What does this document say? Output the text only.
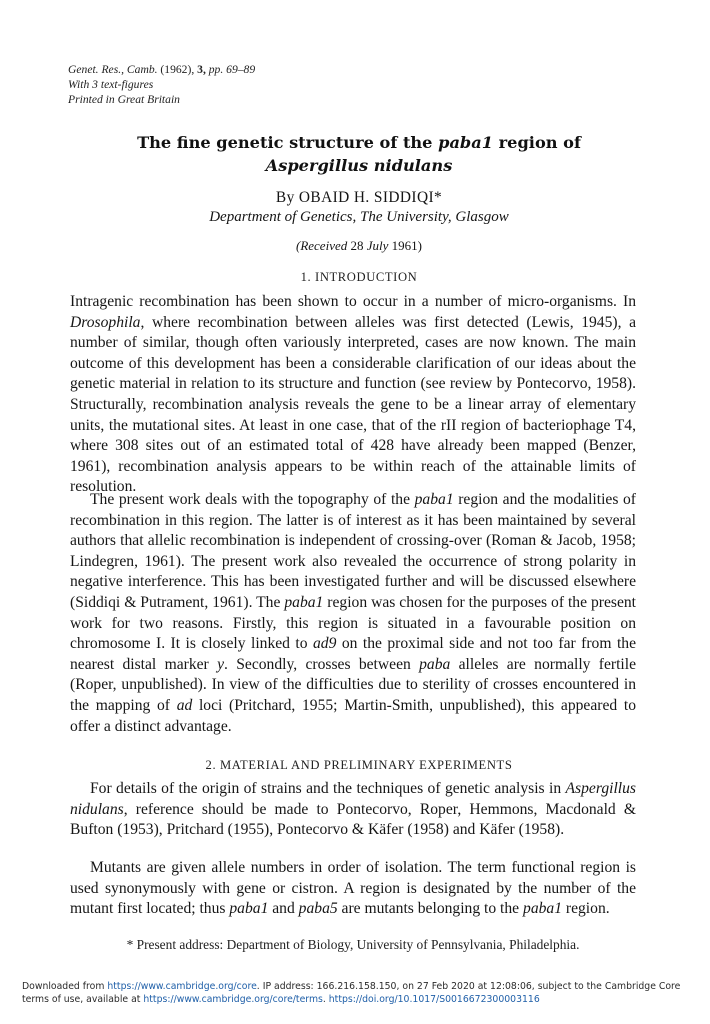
Genet. Res., Camb. (1962), 3, pp. 69–89
With 3 text-figures
Printed in Great Britain
The fine genetic structure of the paba1 region of
Aspergillus nidulans
By OBAID H. SIDDIQI*
Department of Genetics, The University, Glasgow
(Received 28 July 1961)
1. INTRODUCTION

Intragenic recombination has been shown to occur in a number of micro-organisms. In Drosophila, where recombination between alleles was first detected (Lewis, 1945), a number of similar, though often variously interpreted, cases are now known. The main outcome of this development has been a considerable clarification of our ideas about the genetic material in relation to its structure and function (see review by Pontecorvo, 1958). Structurally, recombination analysis reveals the gene to be a linear array of elementary units, the mutational sites. At least in one case, that of the rII region of bacteriophage T4, where 308 sites out of an estimated total of 428 have already been mapped (Benzer, 1961), recombination analysis appears to be within reach of the attainable limits of resolution.

The present work deals with the topography of the paba1 region and the modalities of recombination in this region. The latter is of interest as it has been maintained by several authors that allelic recombination is independent of crossing-over (Roman & Jacob, 1958; Lindegren, 1961). The present work also revealed the occurrence of strong polarity in negative interference. This has been investigated further and will be discussed elsewhere (Siddiqi & Putrament, 1961). The paba1 region was chosen for the purposes of the present work for two reasons. Firstly, this region is situated in a favourable position on chromosome I. It is closely linked to ad9 on the proximal side and not too far from the nearest distal marker y. Secondly, crosses between paba alleles are normally fertile (Roper, unpublished). In view of the difficulties due to sterility of crosses encountered in the mapping of ad loci (Pritchard, 1955; Martin-Smith, unpublished), this appeared to offer a distinct advantage.

2. MATERIAL AND PRELIMINARY EXPERIMENTS

For details of the origin of strains and the techniques of genetic analysis in Aspergillus nidulans, reference should be made to Pontecorvo, Roper, Hemmons, Macdonald & Bufton (1953), Pritchard (1955), Pontecorvo & Käfer (1958) and Käfer (1958).

Mutants are given allele numbers in order of isolation. The term functional region is used synonymously with gene or cistron. A region is designated by the number of the mutant first located; thus paba1 and paba5 are mutants belonging to the paba1 region.

* Present address: Department of Biology, University of Pennsylvania, Philadelphia.
Downloaded from https://www.cambridge.org/core. IP address: 166.216.158.150, on 27 Feb 2020 at 12:08:06, subject to the Cambridge Core terms of use, available at https://www.cambridge.org/core/terms. https://doi.org/10.1017/S0016672300003116
